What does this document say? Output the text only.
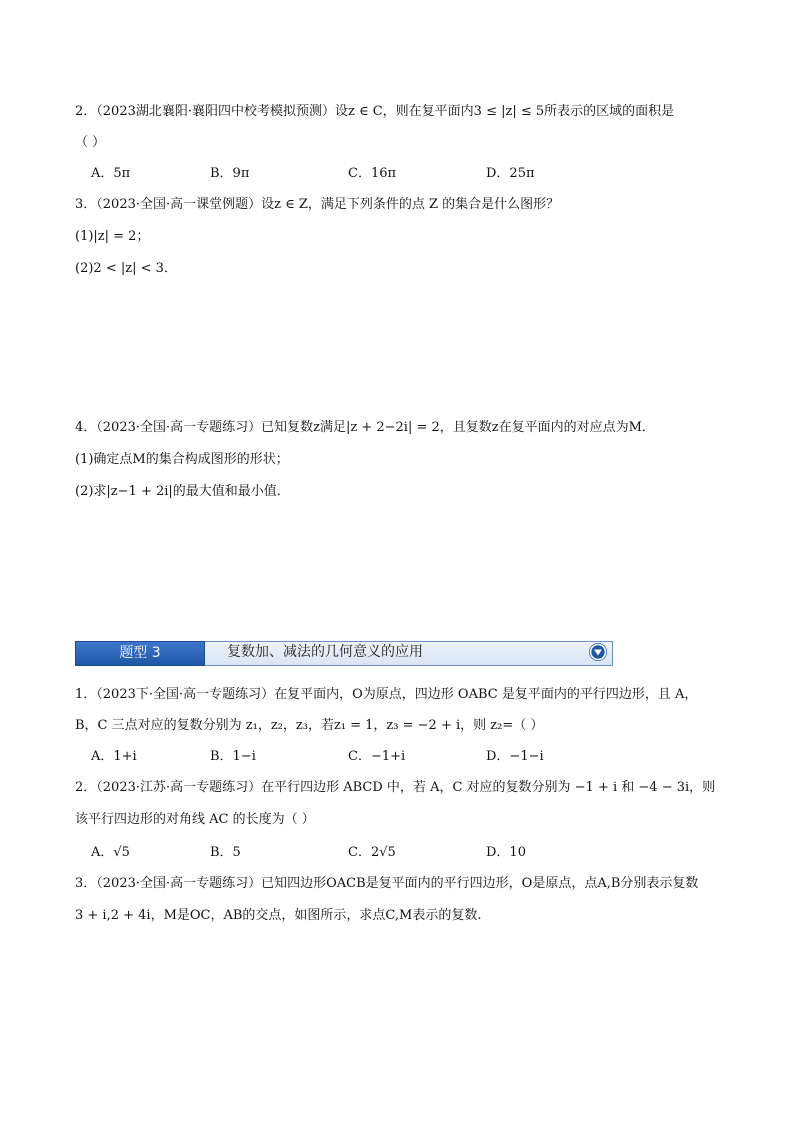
2．（2023湖北襄阳·襄阳四中校考模拟预测）设z ∈ C，则在复平面内3 ≤ |z| ≤ 5所表示的区域的面积是
（ ）
A．5π	B．9π	C．16π	D．25π
3．（2023·全国·高一课堂例题）设z ∈ Z，满足下列条件的点 Z 的集合是什么图形？
(1)|z| = 2；
(2)2 < |z| < 3．
4．（2023·全国·高一专题练习）已知复数z满足|z + 2−2i| = 2，且复数z在复平面内的对应点为M．
(1)确定点M的集合构成图形的形状；
(2)求|z−1 + 2i|的最大值和最小值．
题型 3	复数加、减法的几何意义的应用
1．（2023下·全国·高一专题练习）在复平面内，O为原点，四边形 OABC 是复平面内的平行四边形，且 A，
B，C 三点对应的复数分别为 z₁，z₂，z₃，若z₁ = 1，z₃ = −2 + i，则 z₂=（ ）
A．1+i	B．1−i	C．−1+i	D．−1−i
2．（2023·江苏·高一专题练习）在平行四边形 ABCD 中，若 A，C 对应的复数分别为 −1 + i 和 −4 − 3i，则
该平行四边形的对角线 AC 的长度为（ ）
A．√5	B．5	C．2√5	D．10
3．（2023·全国·高一专题练习）已知四边形OACB是复平面内的平行四边形，O是原点，点A,B分别表示复数
3 + i,2 + 4i，M是OC，AB的交点，如图所示，求点C,M表示的复数.
